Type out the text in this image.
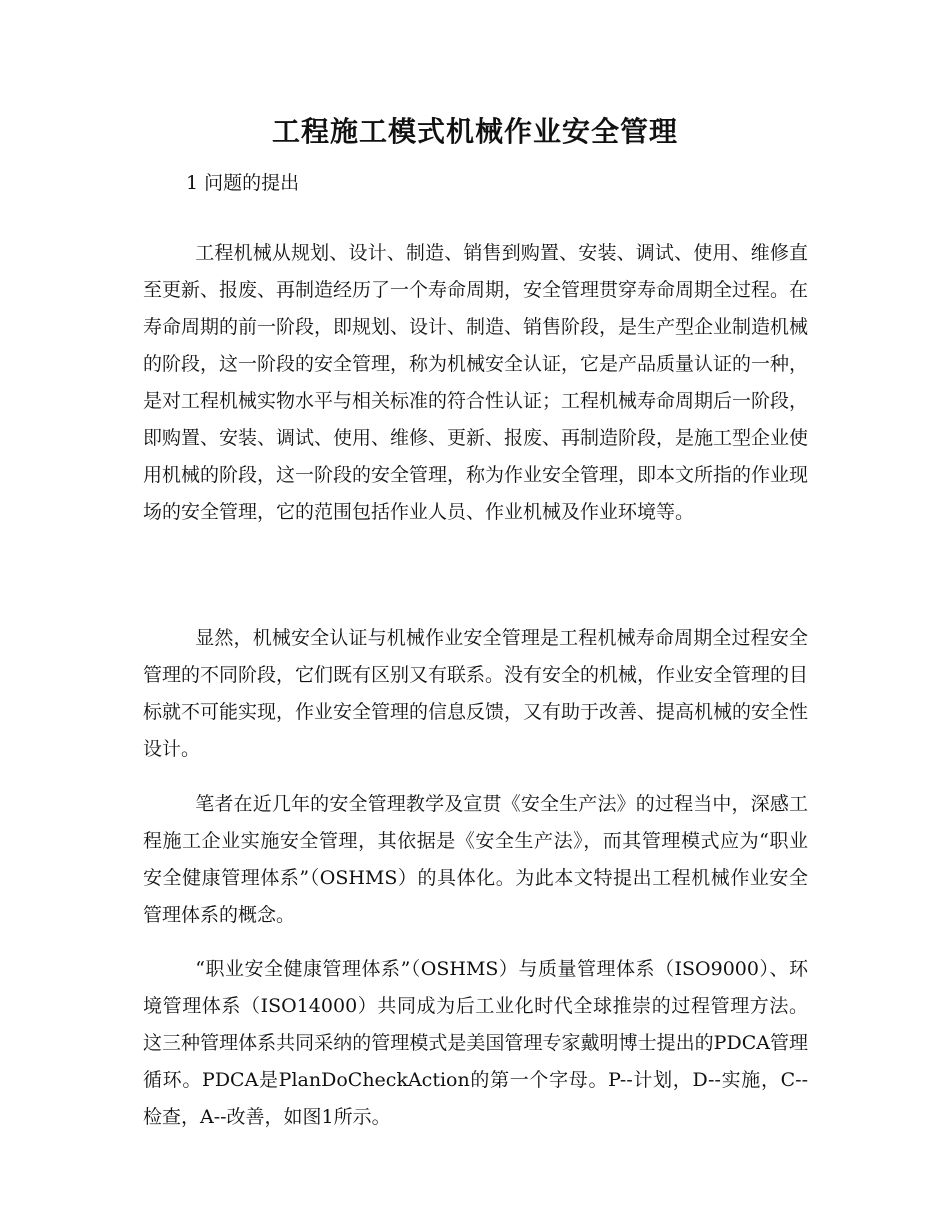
工程施工模式机械作业安全管理
1 问题的提出

工程机械从规划、设计、制造、销售到购置、安装、调试、使用、维修直至更新、报废、再制造经历了一个寿命周期，安全管理贯穿寿命周期全过程。在寿命周期的前一阶段，即规划、设计、制造、销售阶段，是生产型企业制造机械的阶段，这一阶段的安全管理，称为机械安全认证，它是产品质量认证的一种，是对工程机械实物水平与相关标准的符合性认证；工程机械寿命周期后一阶段，即购置、安装、调试、使用、维修、更新、报废、再制造阶段，是施工型企业使用机械的阶段，这一阶段的安全管理，称为作业安全管理，即本文所指的作业现场的安全管理，它的范围包括作业人员、作业机械及作业环境等。

显然，机械安全认证与机械作业安全管理是工程机械寿命周期全过程安全管理的不同阶段，它们既有区别又有联系。没有安全的机械，作业安全管理的目标就不可能实现，作业安全管理的信息反馈，又有助于改善、提高机械的安全性设计。

笔者在近几年的安全管理教学及宣贯《安全生产法》的过程当中，深感工程施工企业实施安全管理，其依据是《安全生产法》，而其管理模式应为“职业安全健康管理体系”（OSHMS）的具体化。为此本文特提出工程机械作业安全管理体系的概念。

“职业安全健康管理体系”（OSHMS）与质量管理体系（ISO9000）、环境管理体系（ISO14000）共同成为后工业化时代全球推崇的过程管理方法。这三种管理体系共同采纳的管理模式是美国管理专家戴明博士提出的PDCA管理循环。PDCA是PlanDoCheckAction的第一个字母。P--计划，D--实施，C--检查，A--改善，如图1所示。
